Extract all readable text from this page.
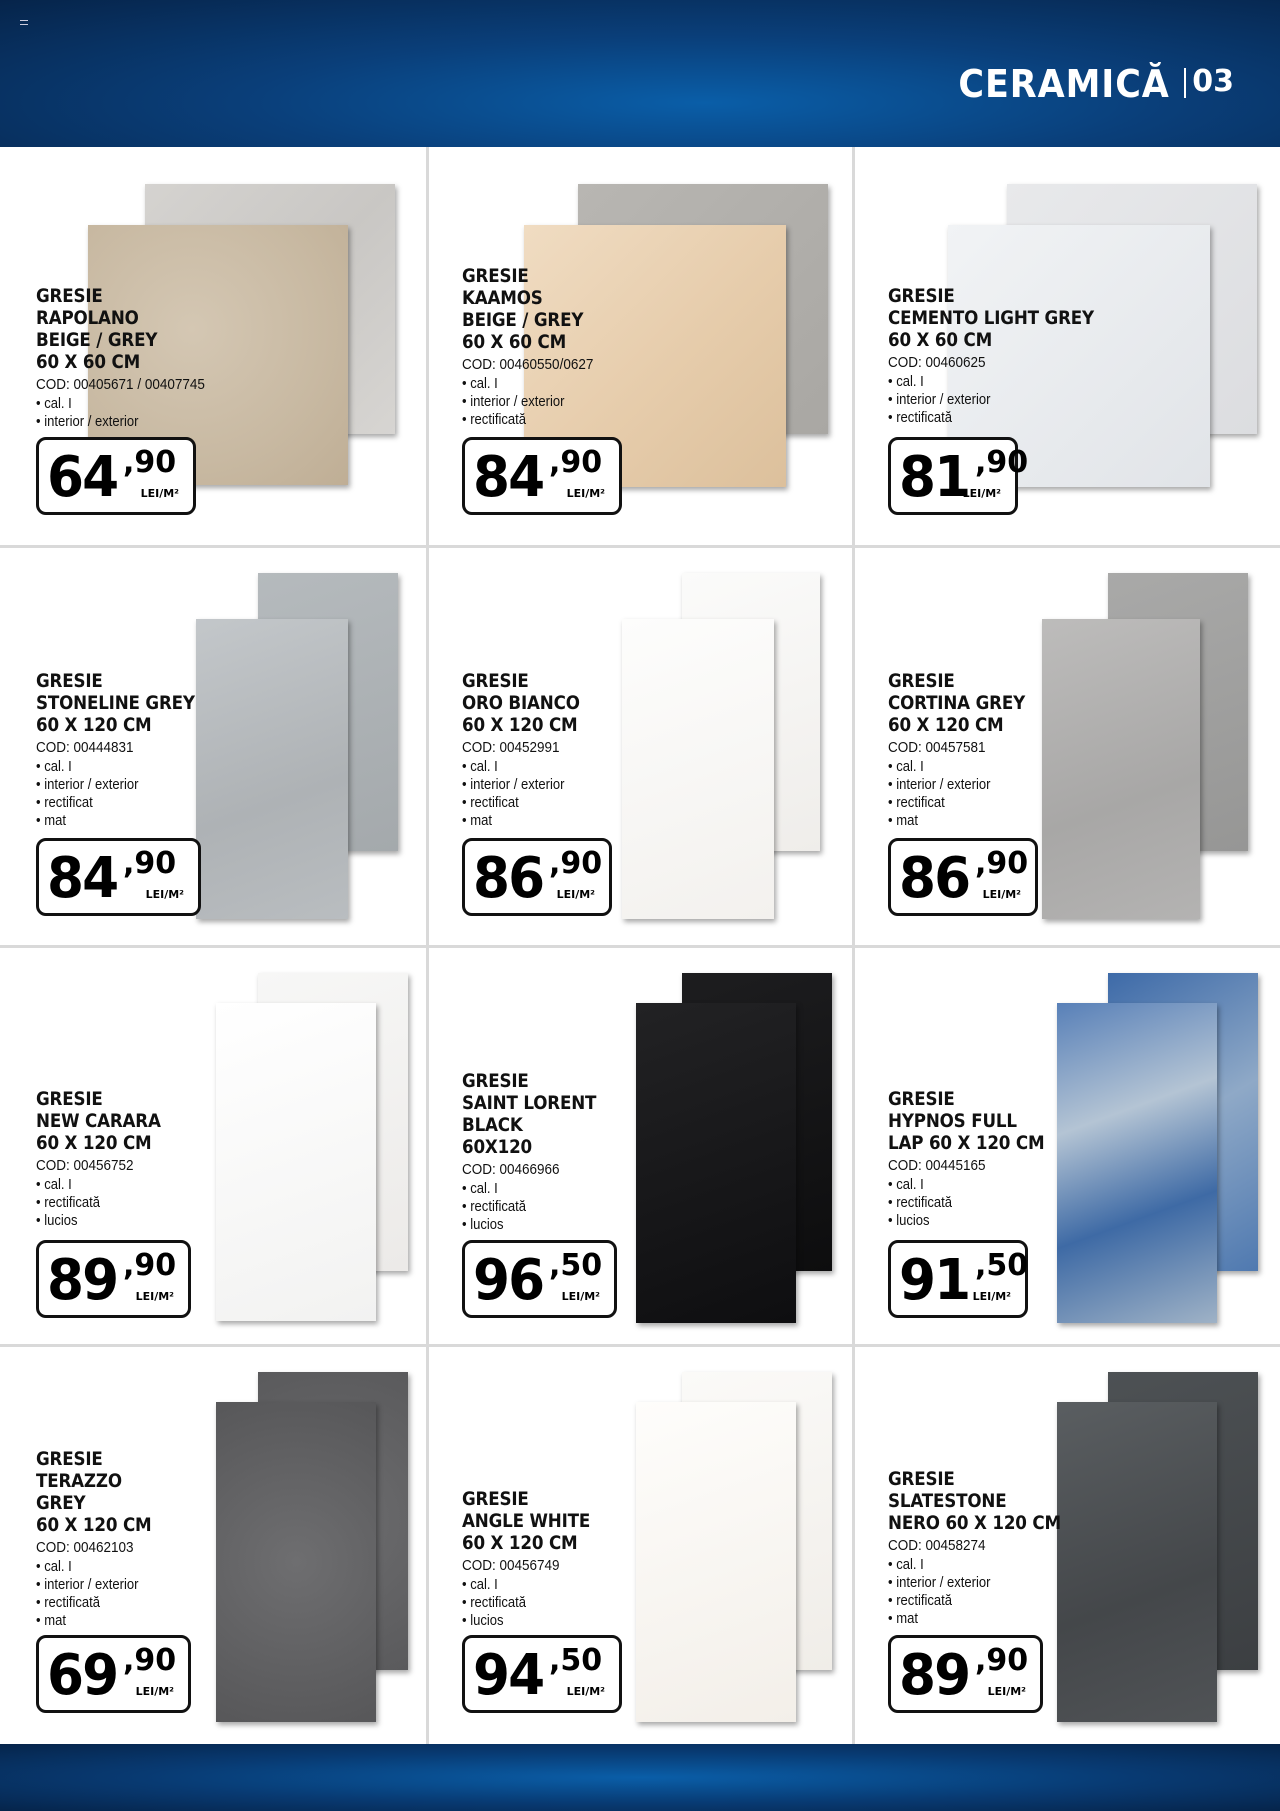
CERAMICĂ 03
GRESIE
RAPOLANO
BEIGE / GREY
60 X 60 CM
COD: 00405671 / 00407745
• cal. I
• interior / exterior
64 ,90
LEI/M²
GRESIE
KAAMOS
BEIGE / GREY
60 X 60 CM
COD: 00460550/0627
• cal. I
• interior / exterior
• rectificată
84 ,90
LEI/M²
GRESIE
CEMENTO LIGHT GREY
60 X 60 CM
COD: 00460625
• cal. I
• interior / exterior
• rectificată
81 ,90
LEI/M²
GRESIE
STONELINE GREY
60 X 120 CM
COD: 00444831
• cal. I
• interior / exterior
• rectificat
• mat
84 ,90
LEI/M²
GRESIE
ORO BIANCO
60 X 120 CM
COD: 00452991
• cal. I
• interior / exterior
• rectificat
• mat
86 ,90
LEI/M²
GRESIE
CORTINA GREY
60 X 120 CM
COD: 00457581
• cal. I
• interior / exterior
• rectificat
• mat
86 ,90
LEI/M²
GRESIE
NEW CARARA
60 X 120 CM
COD: 00456752
• cal. I
• rectificată
• lucios
89 ,90
LEI/M²
GRESIE
SAINT LORENT
BLACK
60X120
COD: 00466966
• cal. I
• rectificată
• lucios
96 ,50
LEI/M²
GRESIE
HYPNOS FULL
LAP 60 X 120 CM
COD: 00445165
• cal. I
• rectificată
• lucios
91 ,50
LEI/M²
GRESIE
TERAZZO
GREY
60 X 120 CM
COD: 00462103
• cal. I
• interior / exterior
• rectificată
• mat
69 ,90
LEI/M²
GRESIE
ANGLE WHITE
60 X 120 CM
COD: 00456749
• cal. I
• rectificată
• lucios
94 ,50
LEI/M²
GRESIE
SLATESTONE
NERO 60 X 120 CM
COD: 00458274
• cal. I
• interior / exterior
• rectificată
• mat
89 ,90
LEI/M²
